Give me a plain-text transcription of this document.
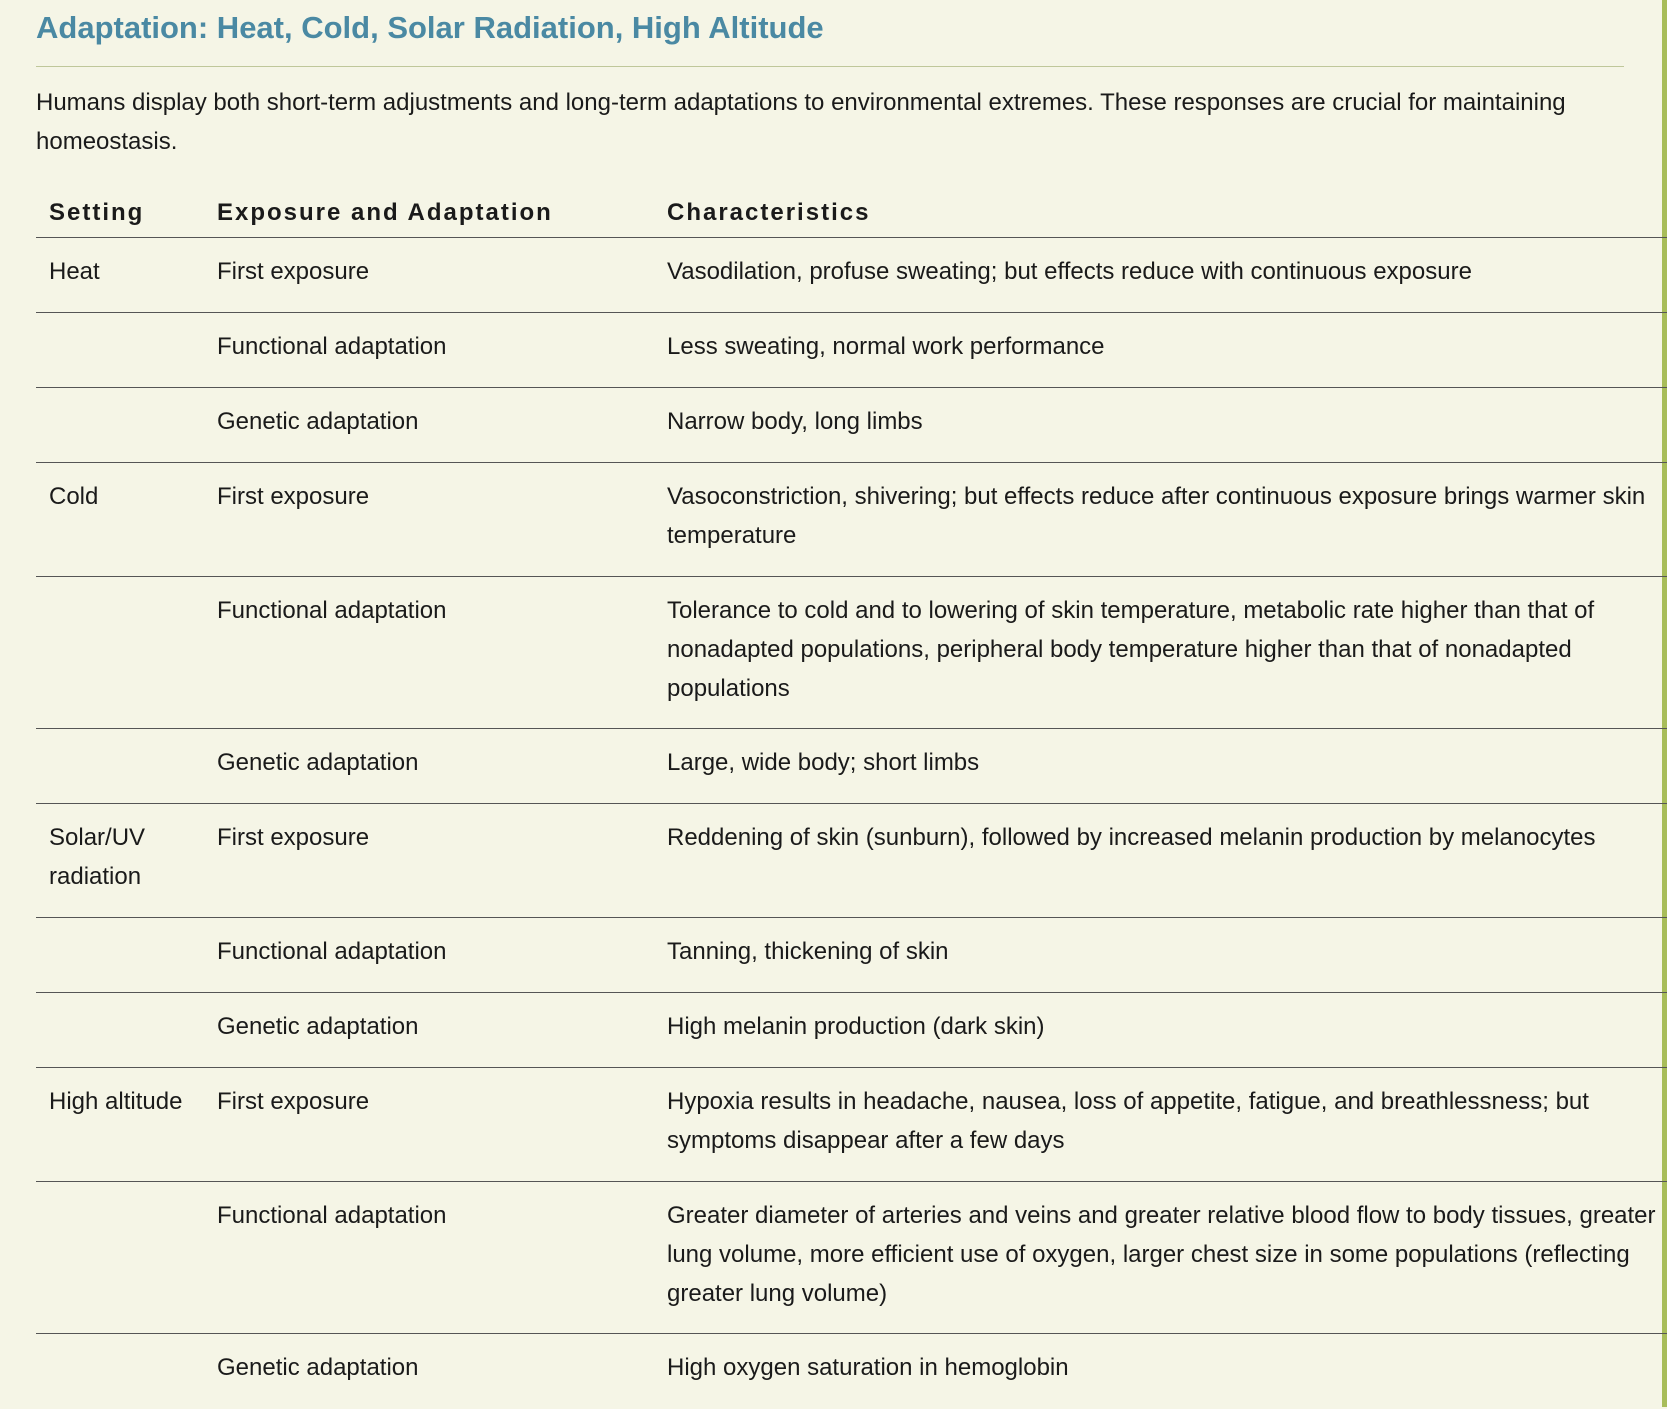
Adaptation: Heat, Cold, Solar Radiation, High Altitude

Humans display both short-term adjustments and long-term adaptations to environmental extremes. These responses are crucial for maintaining homeostasis.

Setting	Exposure and Adaptation	Characteristics
Heat	First exposure	Vasodilation, profuse sweating; but effects reduce with continuous exposure
	Functional adaptation	Less sweating, normal work performance
	Genetic adaptation	Narrow body, long limbs
Cold	First exposure	Vasoconstriction, shivering; but effects reduce after continuous exposure brings warmer skin temperature
	Functional adaptation	Tolerance to cold and to lowering of skin temperature, metabolic rate higher than that of nonadapted populations, peripheral body temperature higher than that of nonadapted populations
	Genetic adaptation	Large, wide body; short limbs
Solar/UV radiation	First exposure	Reddening of skin (sunburn), followed by increased melanin production by melanocytes
	Functional adaptation	Tanning, thickening of skin
	Genetic adaptation	High melanin production (dark skin)
High altitude	First exposure	Hypoxia results in headache, nausea, loss of appetite, fatigue, and breathlessness; but symptoms disappear after a few days
	Functional adaptation	Greater diameter of arteries and veins and greater relative blood flow to body tissues, greater lung volume, more efficient use of oxygen, larger chest size in some populations (reflecting greater lung volume)
	Genetic adaptation	High oxygen saturation in hemoglobin
